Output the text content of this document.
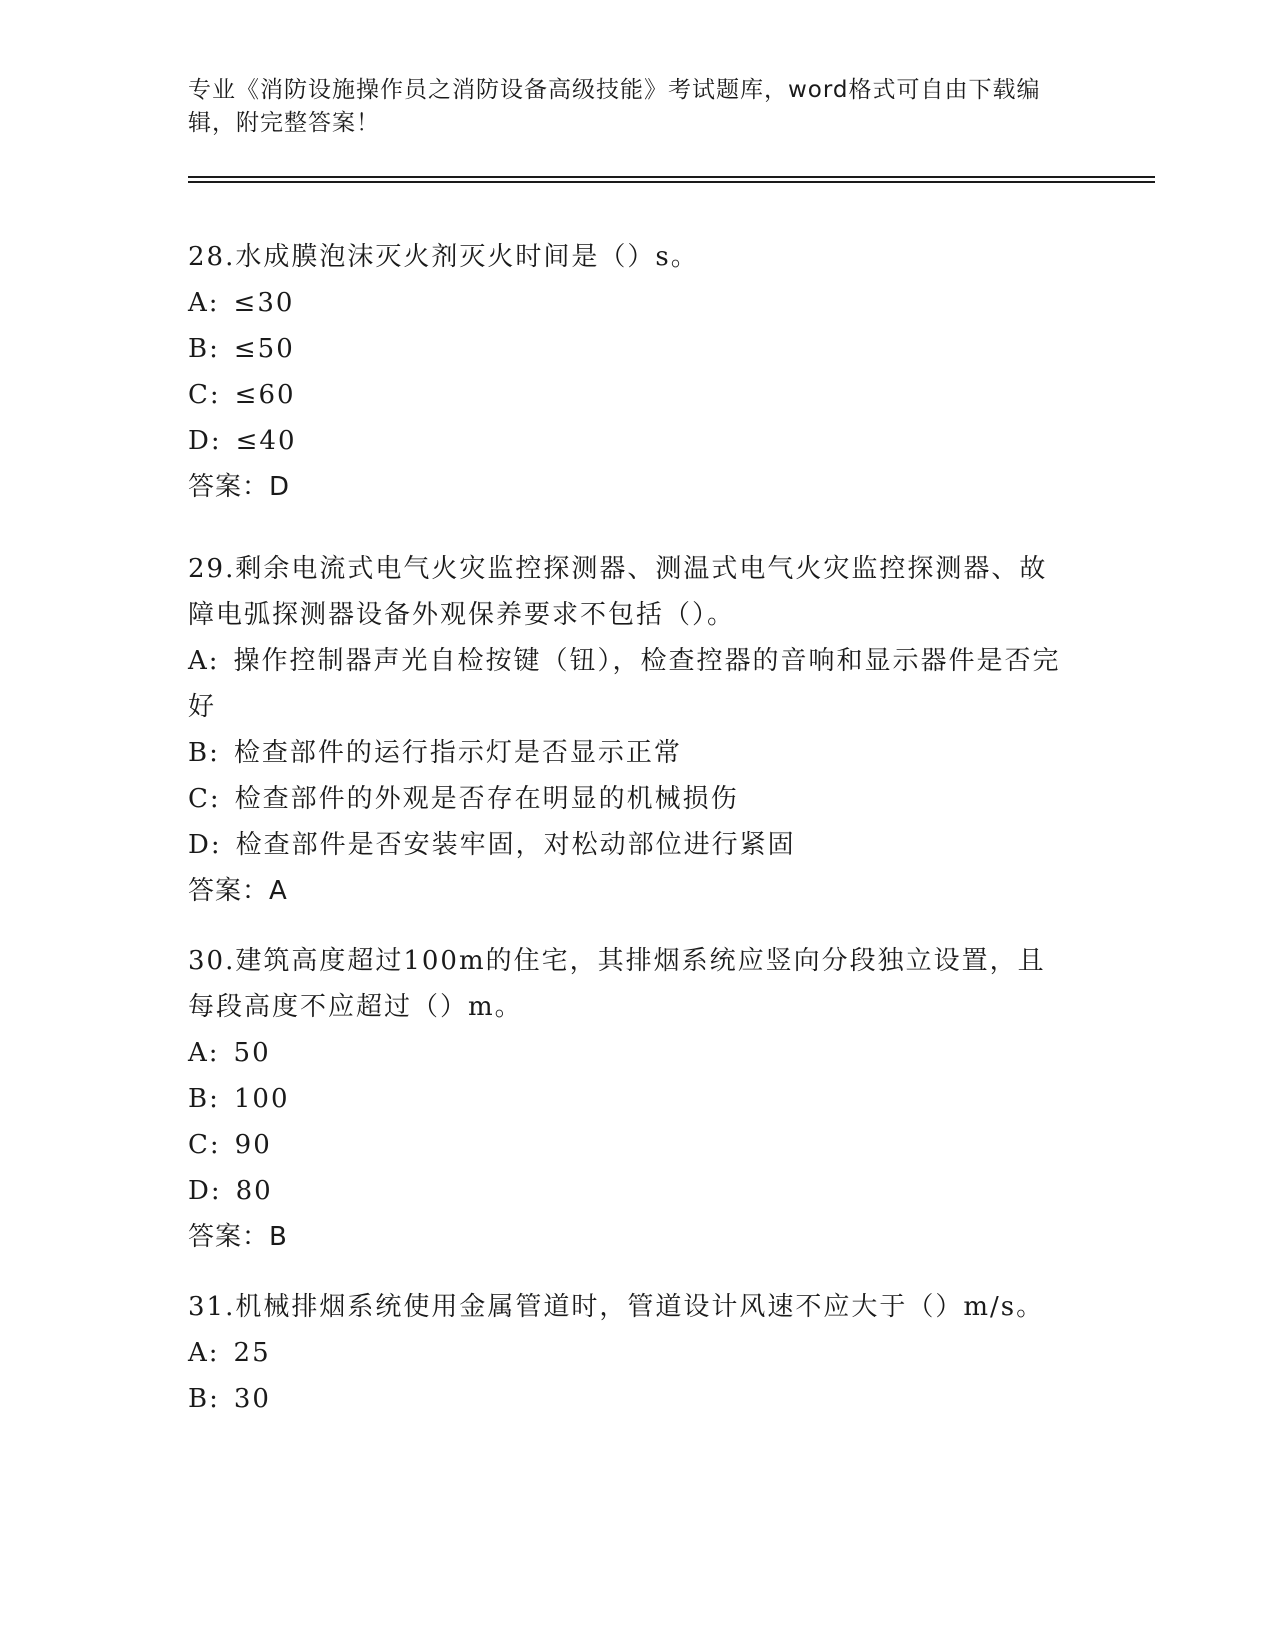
专业《消防设施操作员之消防设备高级技能》考试题库，word格式可自由下载编辑，附完整答案！
28.水成膜泡沫灭火剂灭火时间是（）s。
A: ≤30
B: ≤50
C: ≤60
D: ≤40
答案：D
29.剩余电流式电气火灾监控探测器、测温式电气火灾监控探测器、故障电弧探测器设备外观保养要求不包括（）。
A: 操作控制器声光自检按键（钮），检查控器的音响和显示器件是否完好
B: 检查部件的运行指示灯是否显示正常
C: 检查部件的外观是否存在明显的机械损伤
D: 检查部件是否安装牢固，对松动部位进行紧固
答案：A
30.建筑高度超过100m的住宅，其排烟系统应竖向分段独立设置，且每段高度不应超过（）m。
A: 50
B: 100
C: 90
D: 80
答案：B
31.机械排烟系统使用金属管道时，管道设计风速不应大于（）m/s。
A: 25
B: 30
